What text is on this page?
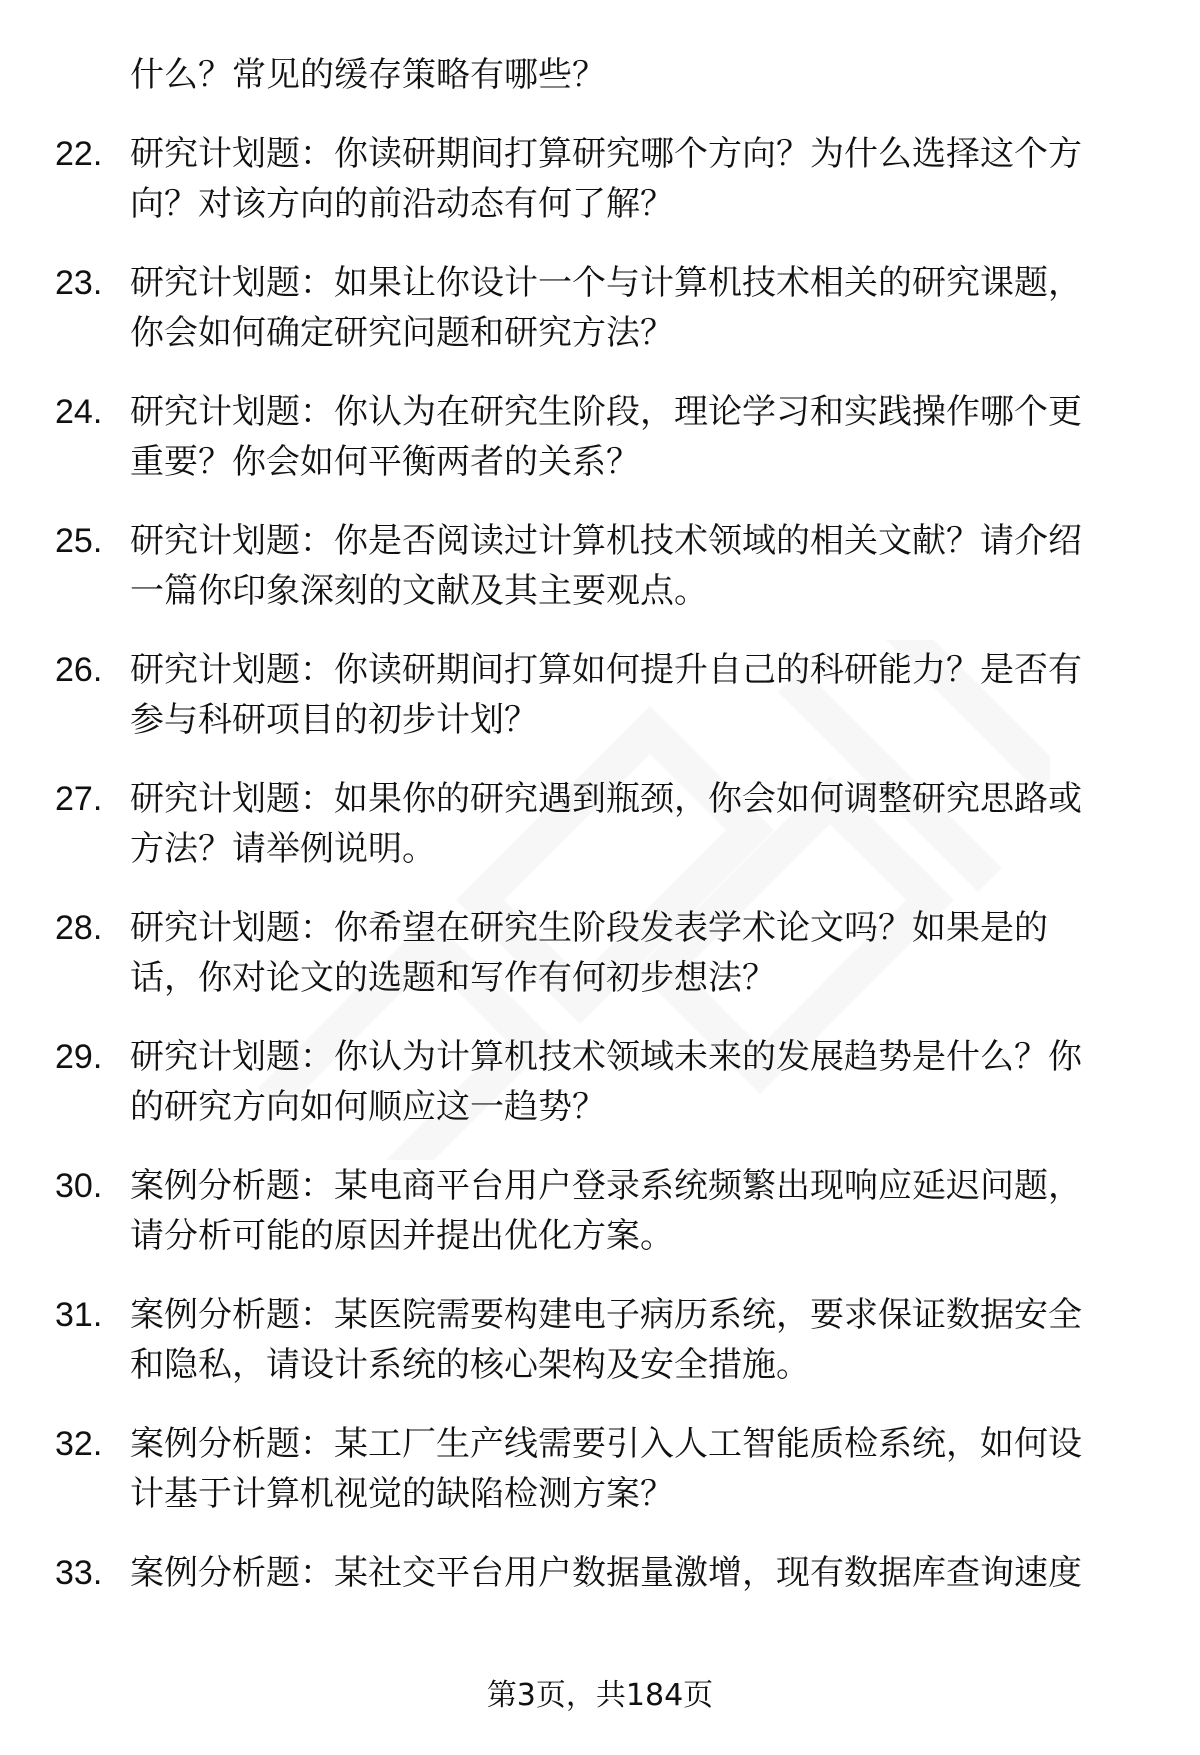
什么？常见的缓存策略有哪些？

22. 研究计划题：你读研期间打算研究哪个方向？为什么选择这个方
向？对该方向的前沿动态有何了解？
23. 研究计划题：如果让你设计一个与计算机技术相关的研究课题，
你会如何确定研究问题和研究方法？
24. 研究计划题：你认为在研究生阶段，理论学习和实践操作哪个更
重要？你会如何平衡两者的关系？
25. 研究计划题：你是否阅读过计算机技术领域的相关文献？请介绍
一篇你印象深刻的文献及其主要观点。
26. 研究计划题：你读研期间打算如何提升自己的科研能力？是否有
参与科研项目的初步计划？
27. 研究计划题：如果你的研究遇到瓶颈，你会如何调整研究思路或
方法？请举例说明。
28. 研究计划题：你希望在研究生阶段发表学术论文吗？如果是的
话，你对论文的选题和写作有何初步想法？
29. 研究计划题：你认为计算机技术领域未来的发展趋势是什么？你
的研究方向如何顺应这一趋势？
30. 案例分析题：某电商平台用户登录系统频繁出现响应延迟问题，
请分析可能的原因并提出优化方案。
31. 案例分析题：某医院需要构建电子病历系统，要求保证数据安全
和隐私，请设计系统的核心架构及安全措施。
32. 案例分析题：某工厂生产线需要引入人工智能质检系统，如何设
计基于计算机视觉的缺陷检测方案？
33. 案例分析题：某社交平台用户数据量激增，现有数据库查询速度
第3页，共184页
